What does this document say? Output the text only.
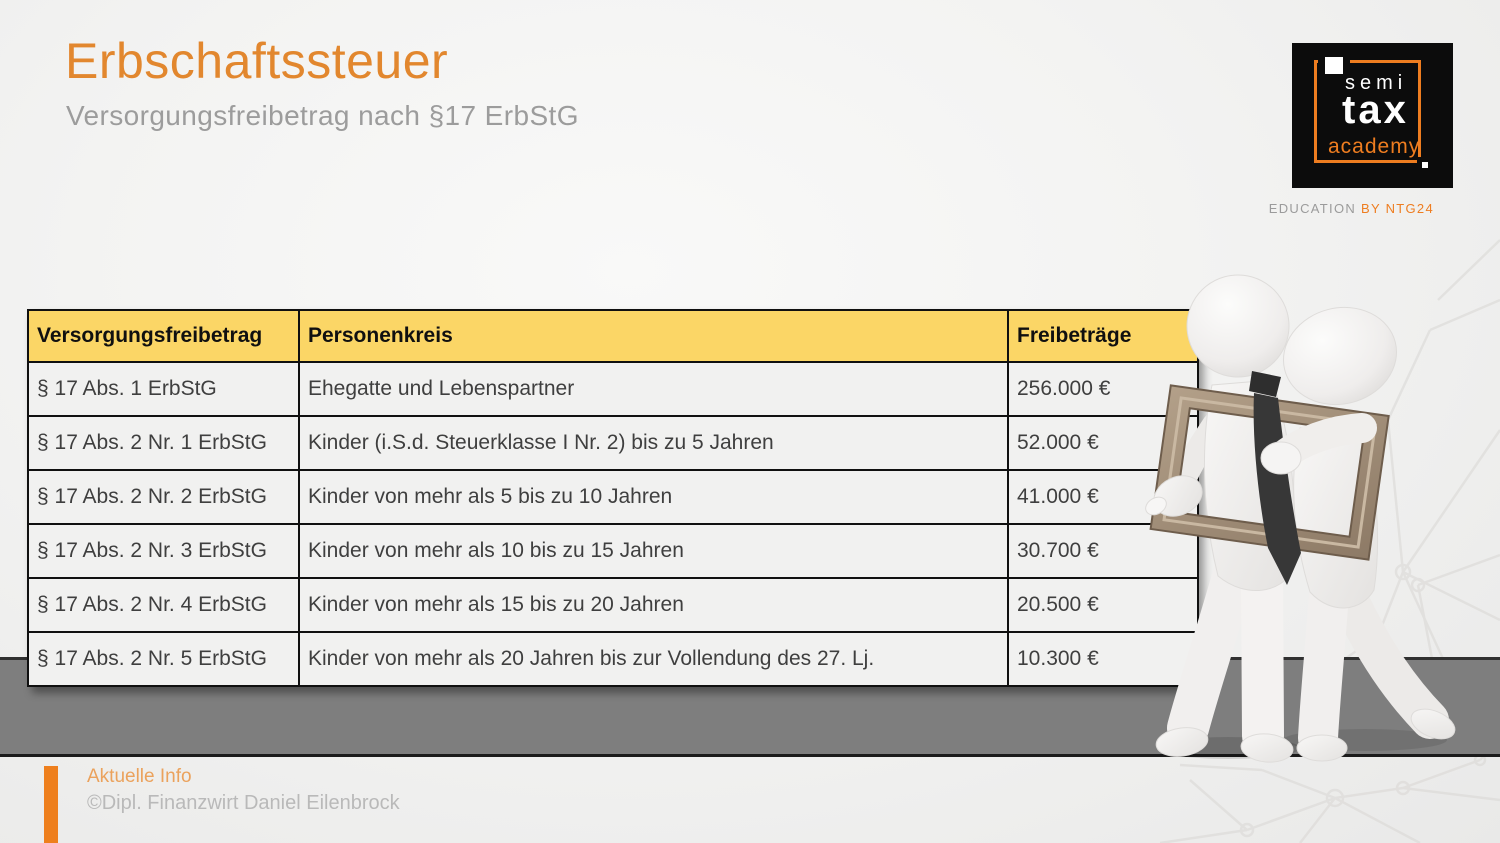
Erbschaftssteuer
Versorgungsfreibetrag nach §17 ErbStG
semi
tax
academy
EDUCATION BY NTG24
Versorgungsfreibetrag	Personenkreis	Freibeträge
§ 17 Abs. 1 ErbStG	Ehegatte und Lebenspartner	256.000 €
§ 17 Abs. 2 Nr. 1 ErbStG	Kinder (i.S.d. Steuerklasse I Nr. 2) bis zu 5 Jahren	52.000 €
§ 17 Abs. 2 Nr. 2 ErbStG	Kinder von mehr als 5 bis zu 10 Jahren	41.000 €
§ 17 Abs. 2 Nr. 3 ErbStG	Kinder von mehr als 10 bis zu 15 Jahren	30.700 €
§ 17 Abs. 2 Nr. 4 ErbStG	Kinder von mehr als 15 bis zu 20 Jahren	20.500 €
§ 17 Abs. 2 Nr. 5 ErbStG	Kinder von mehr als 20 Jahren bis zur Vollendung des 27. Lj.	10.300 €
Aktuelle Info
©Dipl. Finanzwirt Daniel Eilenbrock
